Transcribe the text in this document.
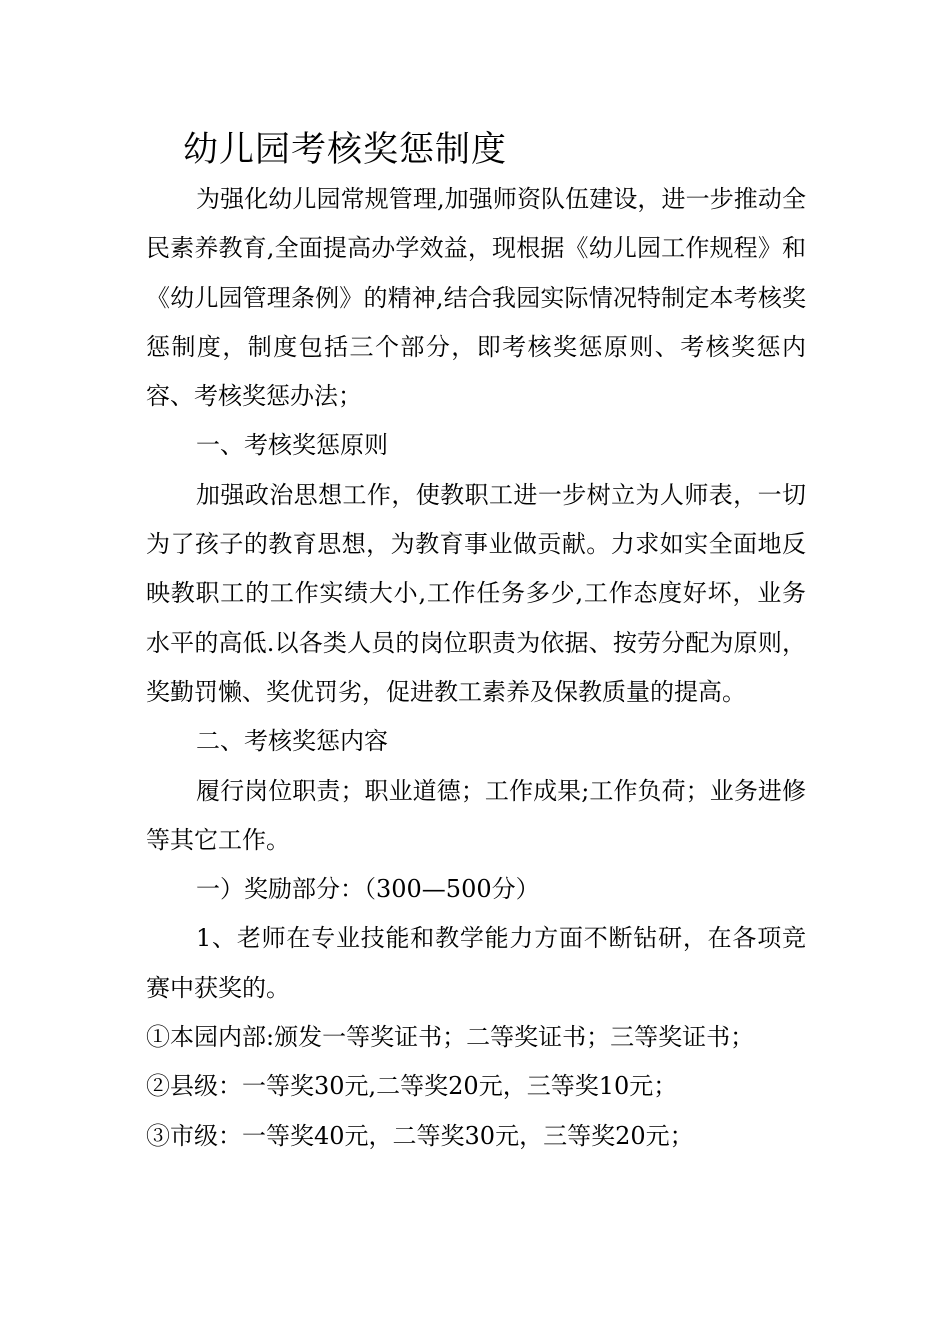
幼儿园考核奖惩制度

为强化幼儿园常规管理,加强师资队伍建设，进一步推动全民素养教育,全面提高办学效益，现根据《幼儿园工作规程》和《幼儿园管理条例》的精神,结合我园实际情况特制定本考核奖惩制度，制度包括三个部分，即考核奖惩原则、考核奖惩内容、考核奖惩办法；

一、考核奖惩原则

加强政治思想工作，使教职工进一步树立为人师表，一切为了孩子的教育思想，为教育事业做贡献。力求如实全面地反映教职工的工作实绩大小,工作任务多少,工作态度好坏，业务水平的高低.以各类人员的岗位职责为依据、按劳分配为原则，奖勤罚懒、奖优罚劣，促进教工素养及保教质量的提高。

二、考核奖惩内容

履行岗位职责；职业道德；工作成果;工作负荷；业务进修等其它工作。

一）奖励部分：（300—500分）

1、老师在专业技能和教学能力方面不断钻研，在各项竞赛中获奖的。

①本园内部:颁发一等奖证书；二等奖证书；三等奖证书；

②县级：一等奖30元,二等奖20元，三等奖10元；

③市级：一等奖40元，二等奖30元，三等奖20元；
